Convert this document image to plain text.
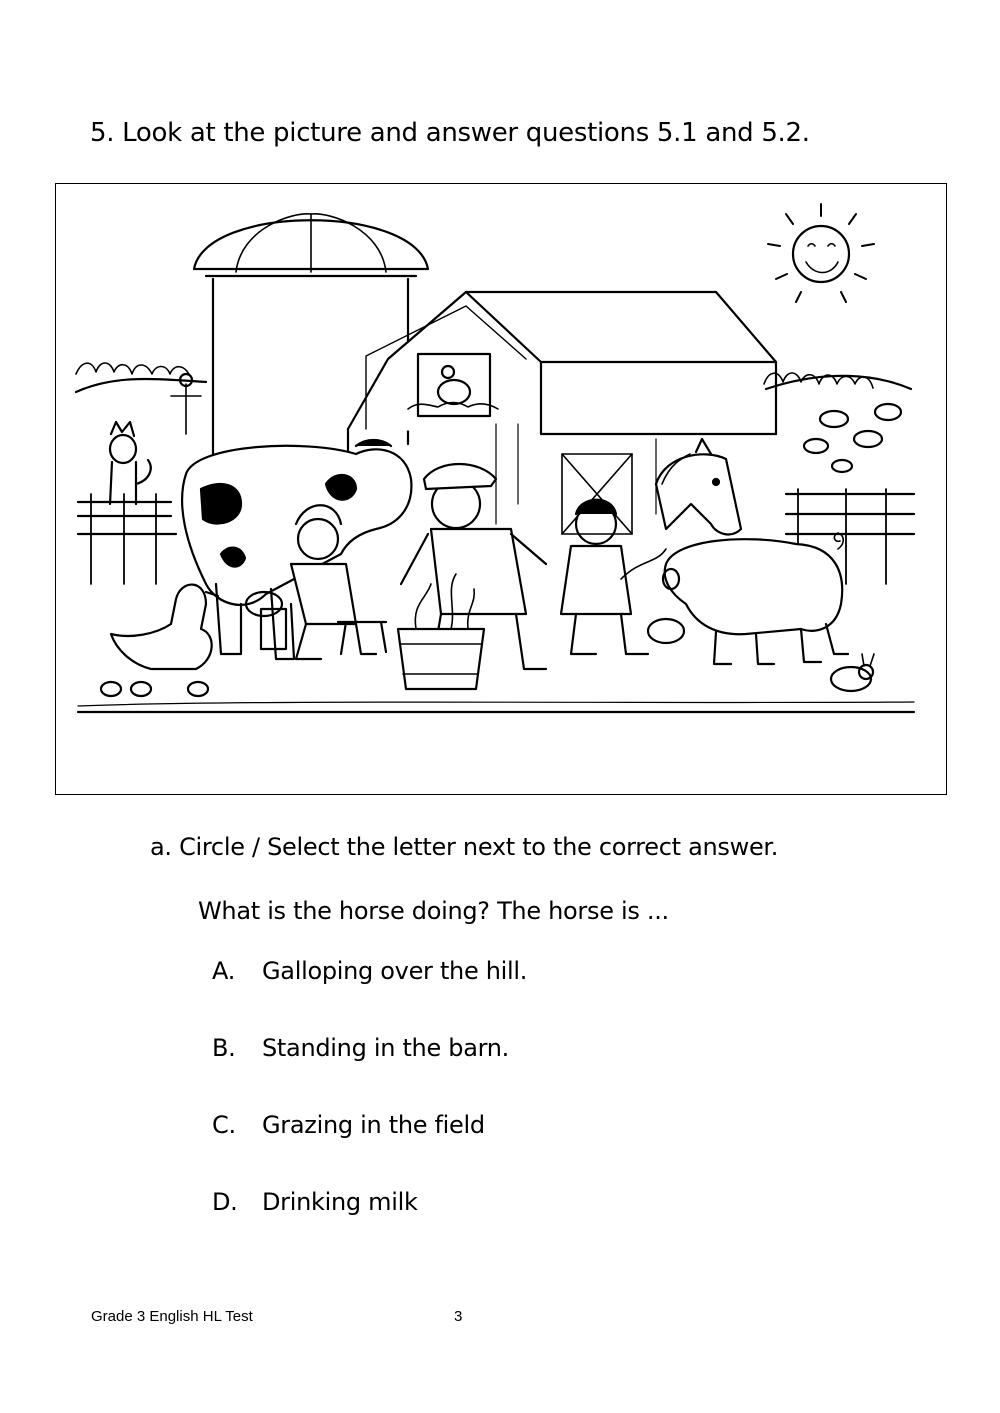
5. Look at the picture and answer questions 5.1 and 5.2.
a. Circle / Select the letter next to the correct answer.
What is the horse doing? The horse is ...
A. Galloping over the hill.
B. Standing in the barn.
C. Grazing in the field
D. Drinking milk
Grade 3 English HL Test	3
